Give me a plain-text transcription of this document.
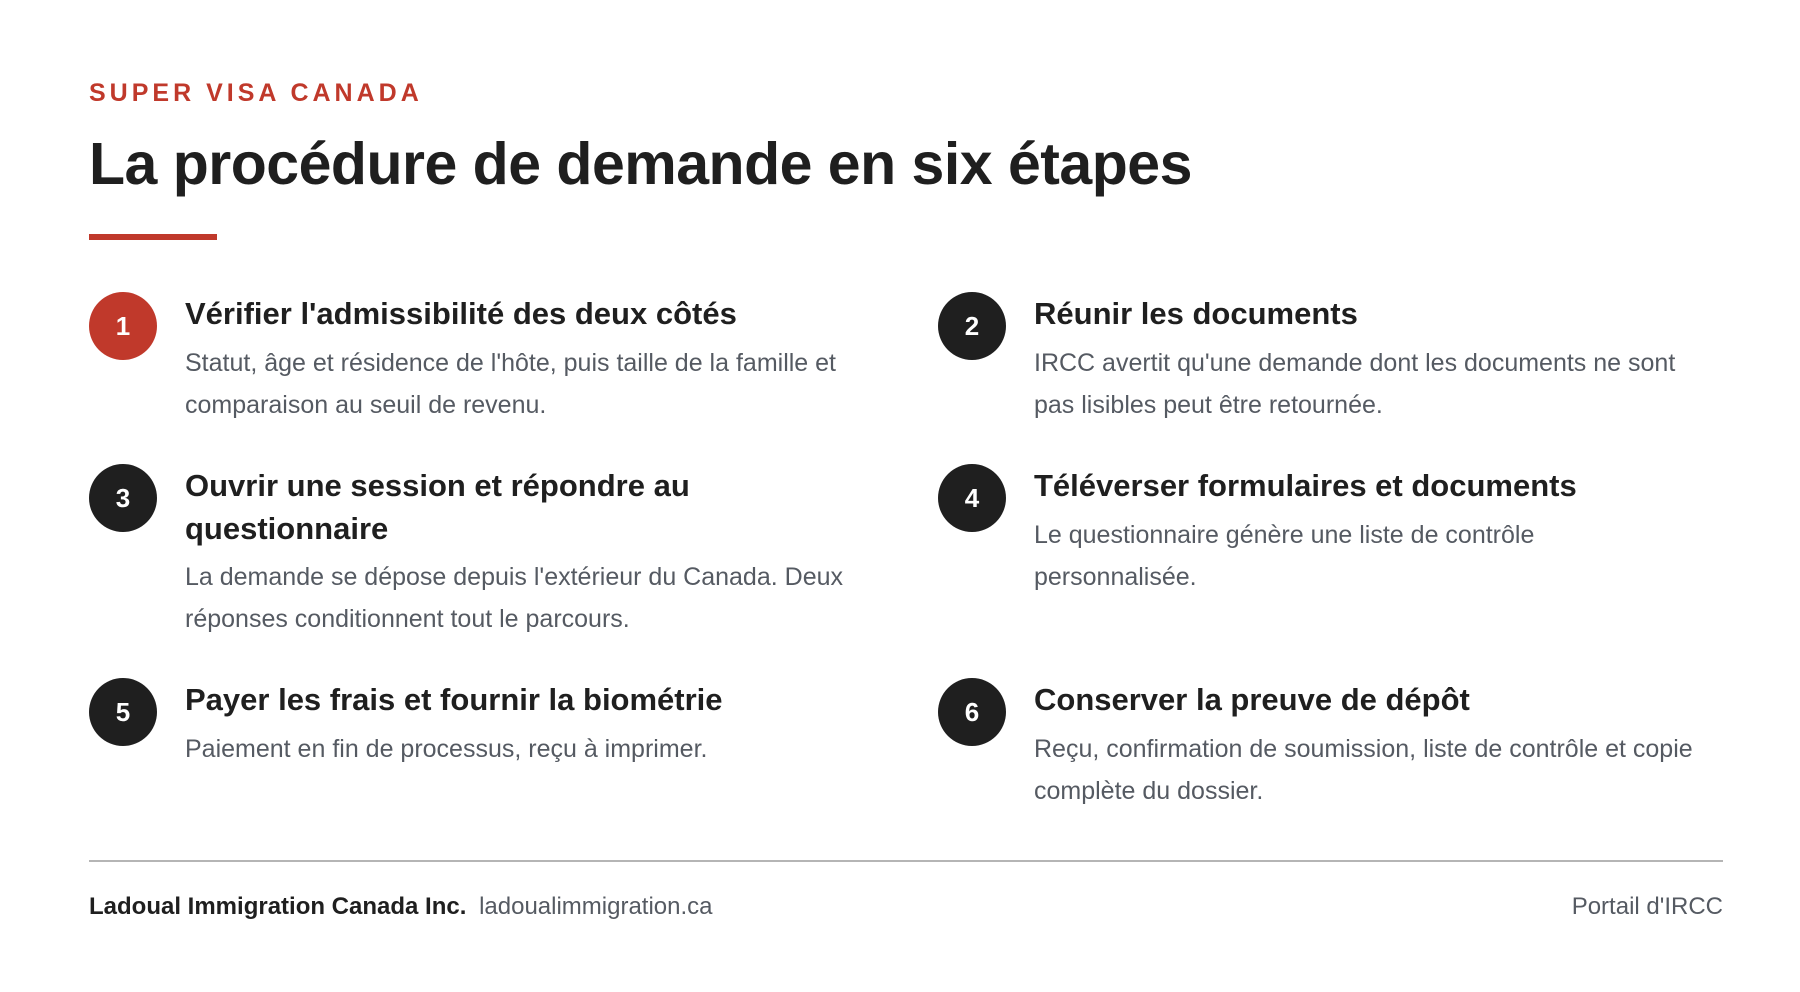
SUPER VISA CANADA
La procédure de demande en six étapes
1	Vérifier l'admissibilité des deux côtés
Statut, âge et résidence de l'hôte, puis taille de la famille et comparaison au seuil de revenu.
2	Réunir les documents
IRCC avertit qu'une demande dont les documents ne sont pas lisibles peut être retournée.
3	Ouvrir une session et répondre au questionnaire
La demande se dépose depuis l'extérieur du Canada. Deux réponses conditionnent tout le parcours.
4	Téléverser formulaires et documents
Le questionnaire génère une liste de contrôle personnalisée.
5	Payer les frais et fournir la biométrie
Paiement en fin de processus, reçu à imprimer.
6	Conserver la preuve de dépôt
Reçu, confirmation de soumission, liste de contrôle et copie complète du dossier.
Ladoual Immigration Canada Inc. ladoualimmigration.ca	Portail d'IRCC
